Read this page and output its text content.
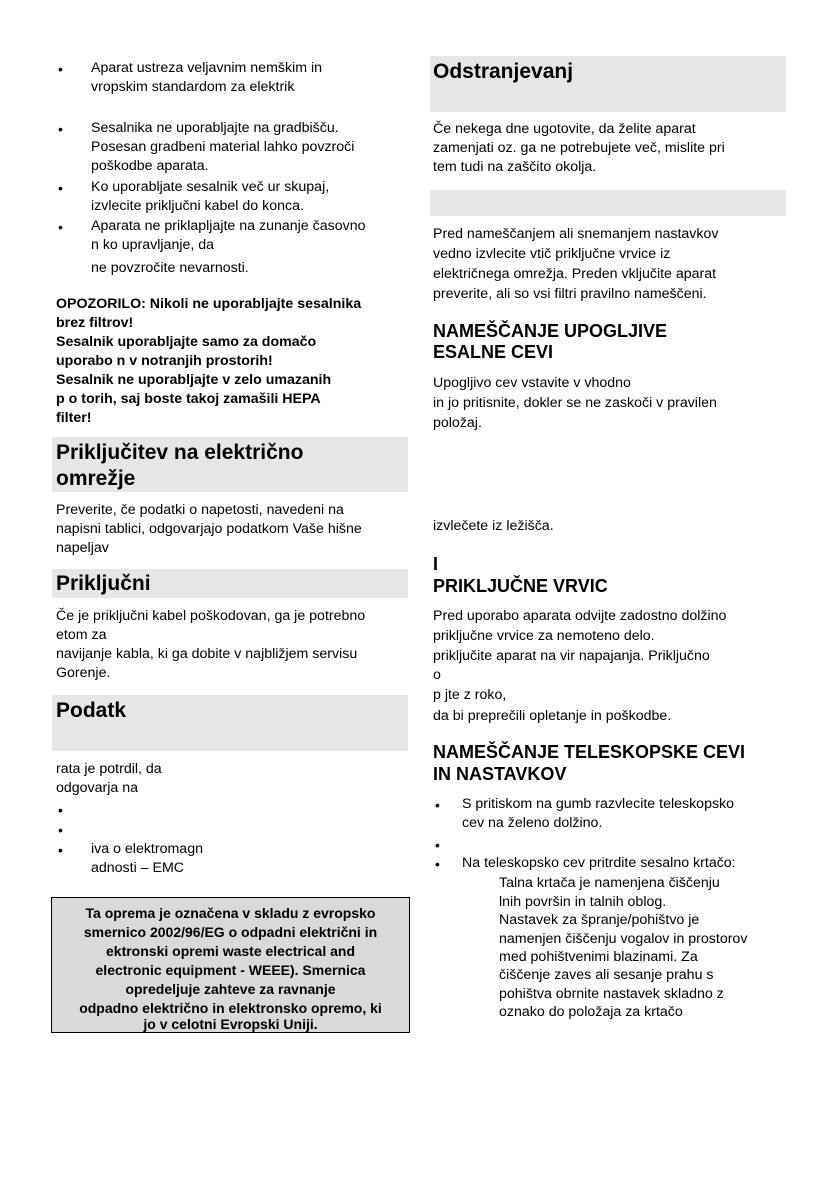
• Aparat ustreza veljavnim nemškim in
vropskim standardom za elektrik
• Sesalnika ne uporabljajte na gradbišču.
Posesan gradbeni material lahko povzroči
poškodbe aparata.
• Ko uporabljate sesalnik več ur skupaj,
izvlecite priključni kabel do konca.
• Aparata ne priklapljajte na zunanje časovno
n ko upravljanje, da
ne povzročite nevarnosti.
OPOZORILO: Nikoli ne uporabljajte sesalnika
brez filtrov!
Sesalnik uporabljajte samo za domačo
uporabo n v notranjih prostorih!
Sesalnik ne uporabljajte v zelo umazanih
p o torih, saj boste takoj zamašili HEPA
filter!
Priključitev na električno
omrežje
Preverite, če podatki o napetosti, navedeni na
napisni tablici, odgovarjajo podatkom Vaše hišne
napeljav
Priključni
Če je priključni kabel poškodovan, ga je potrebno
etom za
navijanje kabla, ki ga dobite v najbližjem servisu
Gorenje.
Podatk
rata je potrdil, da
odgovarja na
•
•
• iva o elektromagn
adnosti – EMC
Ta oprema je označena v skladu z evropsko
smernico 2002/96/EG o odpadni električni in
ektronski opremi waste electrical and
electronic equipment - WEEE). Smernica
opredeljuje zahteve za ravnanje
odpadno električno in elektronsko opremo, ki
jo v celotni Evropski Uniji.
Odstranjevanj
Če nekega dne ugotovite, da želite aparat
zamenjati oz. ga ne potrebujete več, mislite pri
tem tudi na zaščito okolja.
Pred nameščanjem ali snemanjem nastavkov
vedno izvlecite vtič priključne vrvice iz
električnega omrežja. Preden vključite aparat
preverite, ali so vsi filtri pravilno nameščeni.
NAMEŠČANJE UPOGLJIVE
ESALNE CEVI
Upogljivo cev vstavite v vhodno
in jo pritisnite, dokler se ne zaskoči v pravilen
položaj.
izvlečete iz ležišča.
I
PRIKLJUČNE VRVIC
Pred uporabo aparata odvijte zadostno dolžino
priključne vrvice za nemoteno delo.
priključite aparat na vir napajanja. Priključno
o
p jte z roko,
da bi preprečili opletanje in poškodbe.
NAMEŠČANJE TELESKOPSKE CEVI
IN NASTAVKOV
• S pritiskom na gumb razvlecite teleskopsko
cev na želeno dolžino.
•
• Na teleskopsko cev pritrdite sesalno krtačo:
Talna krtača je namenjena čiščenju
lnih površin in talnih oblog.
Nastavek za špranje/pohištvo je
namenjen čiščenju vogalov in prostorov
med pohištvenimi blazinami. Za
čiščenje zaves ali sesanje prahu s
pohištva obrnite nastavek skladno z
oznako do položaja za krtačo
